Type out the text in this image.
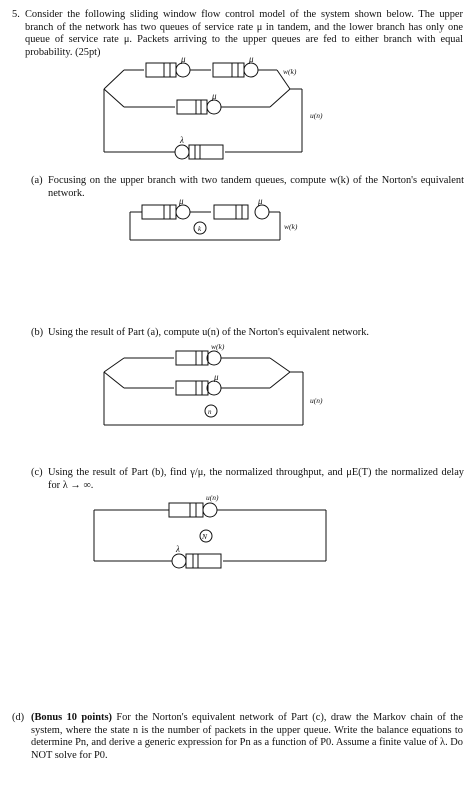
5. Consider the following sliding window flow control model of the system shown below. The upper branch of the network has two queues of service rate μ in tandem, and the lower branch has only one queue of service rate μ. Packets arriving to the upper queues are fed to either branch with equal probability. (25pt)
μ	μ
μ
w(k)
u(n)
λ
(a) Focusing on the upper branch with two tandem queues, compute w(k) of the Norton's equivalent network.
μ	μ
k	w(k)
(b) Using the result of Part (a), compute u(n) of the Norton's equivalent network.
w(k)
μ
n
u(n)
(c) Using the result of Part (b), find γ/μ, the normalized throughput, and μE(T) the normalized delay for λ → ∞.
u(n)
N
λ
(d) (Bonus 10 points) For the Norton's equivalent network of Part (c), draw the Markov chain of the system, where the state n is the number of packets in the upper queue. Write the balance equations to determine Pn, and derive a generic expression for Pn as a function of P0. Assume a finite value of λ. Do NOT solve for P0.
